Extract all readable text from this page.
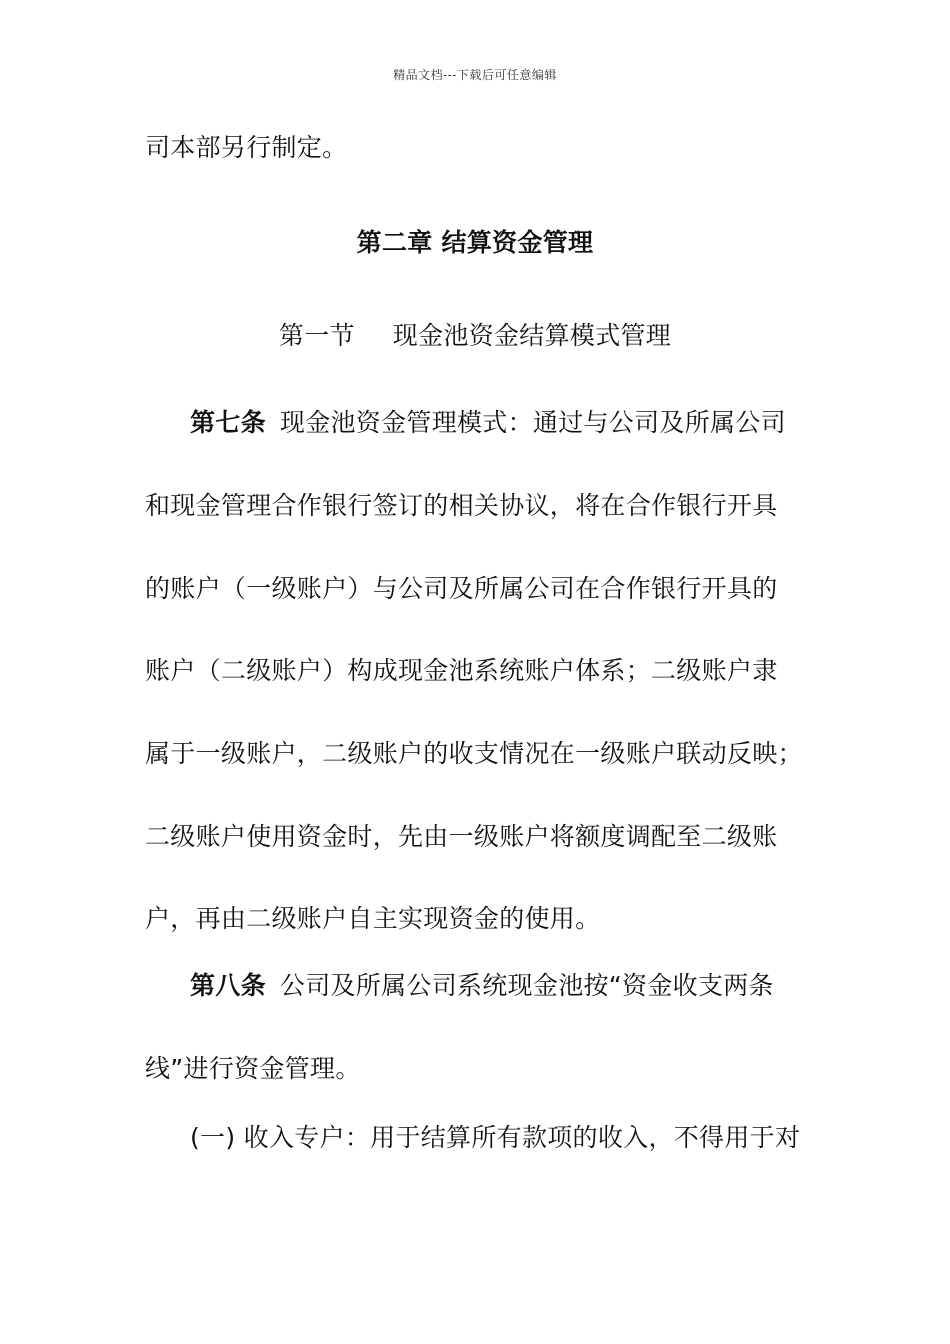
精品文档---下载后可任意编辑
司本部另行制定。
第二章 结算资金管理
第一节 现金池资金结算模式管理
第七条 现金池资金管理模式：通过与公司及所属公司
和现金管理合作银行签订的相关协议，将在合作银行开具
的账户（一级账户）与公司及所属公司在合作银行开具的
账户（二级账户）构成现金池系统账户体系；二级账户隶
属于一级账户，二级账户的收支情况在一级账户联动反映；
二级账户使用资金时，先由一级账户将额度调配至二级账
户，再由二级账户自主实现资金的使用。
第八条 公司及所属公司系统现金池按“资金收支两条
线”进行资金管理。
(一) 收入专户：用于结算所有款项的收入，不得用于对
